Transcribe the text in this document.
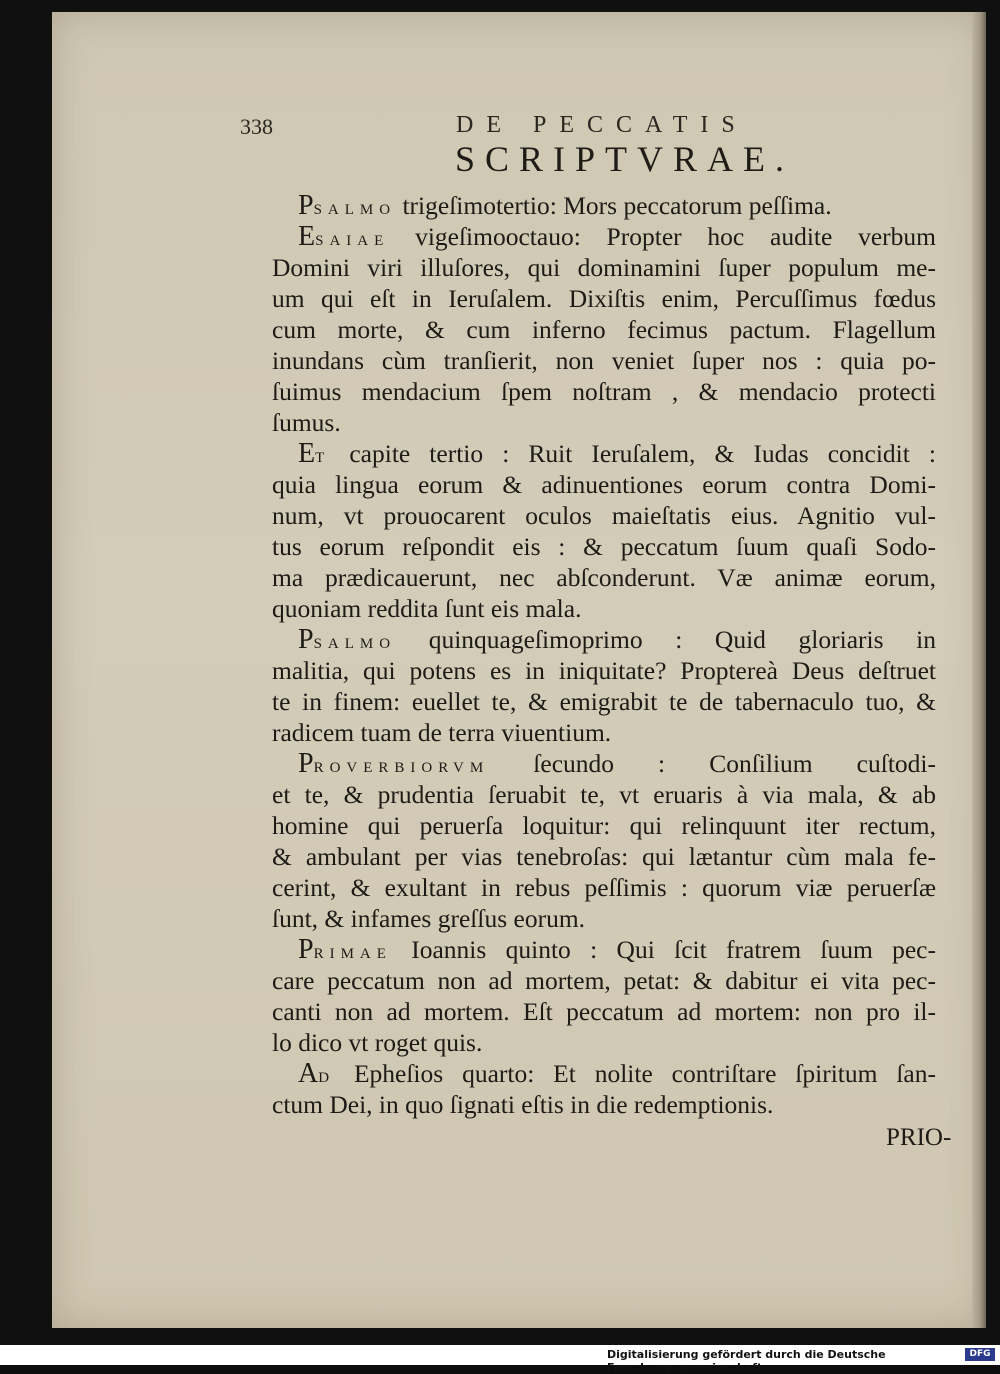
338	DE PECCATIS
SCRIPTVRAE.
PSALMO trigeſimotertio: Mors peccatorum peſſima.
ESAIAE vigeſimooctauo: Propter hoc audite verbum
Domini viri illuſores, qui dominamini ſuper populum me-
um qui eſt in Ieruſalem. Dixiſtis enim, Percuſſimus fœdus
cum morte, & cum inferno fecimus pactum. Flagellum
inundans cùm tranſierit, non veniet ſuper nos : quia po-
ſuimus mendacium ſpem noſtram , & mendacio protecti
ſumus.
ET capite tertio : Ruit Ieruſalem, & Iudas concidit :
quia lingua eorum & adinuentiones eorum contra Domi-
num, vt prouocarent oculos maieſtatis eius. Agnitio vul-
tus eorum reſpondit eis : & peccatum ſuum quaſi Sodo-
ma prædicauerunt, nec abſconderunt. Væ animæ eorum,
quoniam reddita ſunt eis mala.
PSALMO quinquageſimoprimo : Quid gloriaris in
malitia, qui potens es in iniquitate? Proptereà Deus deſtruet
te in finem: euellet te, & emigrabit te de tabernaculo tuo, &
radicem tuam de terra viuentium.
PROVERBIORVM ſecundo : Conſilium cuſtodi-
et te, & prudentia ſeruabit te, vt eruaris à via mala, & ab
homine qui peruerſa loquitur: qui relinquunt iter rectum,
& ambulant per vias tenebroſas: qui lætantur cùm mala fe-
cerint, & exultant in rebus peſſimis : quorum viæ peruerſæ
ſunt, & infames greſſus eorum.
PRIMAE Ioannis quinto : Qui ſcit fratrem ſuum pec-
care peccatum non ad mortem, petat: & dabitur ei vita pec-
canti non ad mortem. Eſt peccatum ad mortem: non pro il-
lo dico vt roget quis.
AD Epheſios quarto: Et nolite contriſtare ſpiritum ſan-
ctum Dei, in quo ſignati eſtis in die redemptionis.
PRIO-
Digitalisierung gefördert durch die Deutsche Forschungsgemeinschaft -
DFG
